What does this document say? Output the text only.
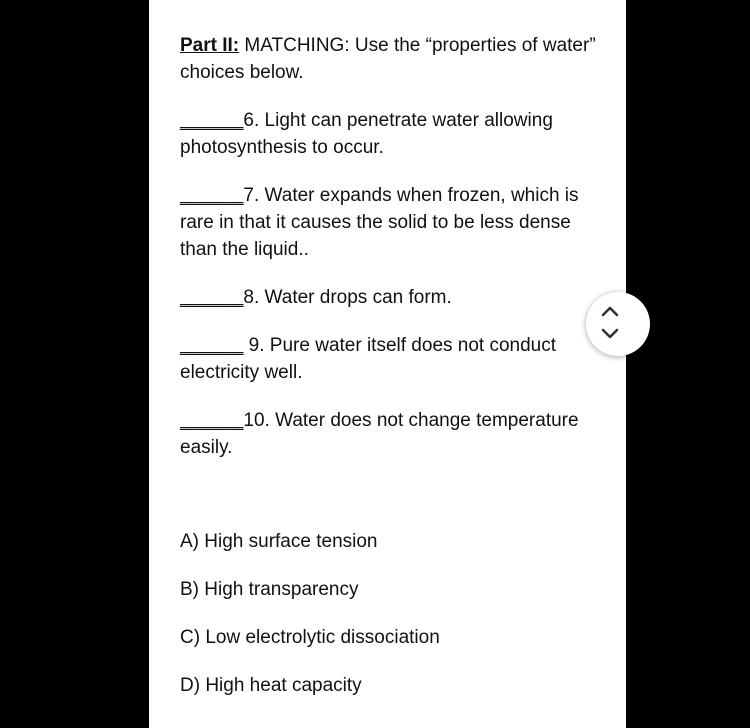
Part II: MATCHING: Use the “properties of water” choices below.
______6. Light can penetrate water allowing photosynthesis to occur.
______7. Water expands when frozen, which is rare in that it causes the solid to be less dense than the liquid..
______8. Water drops can form.
______ 9. Pure water itself does not conduct electricity well.
______10. Water does not change temperature easily.
A) High surface tension
B) High transparency
C) Low electrolytic dissociation
D) High heat capacity
